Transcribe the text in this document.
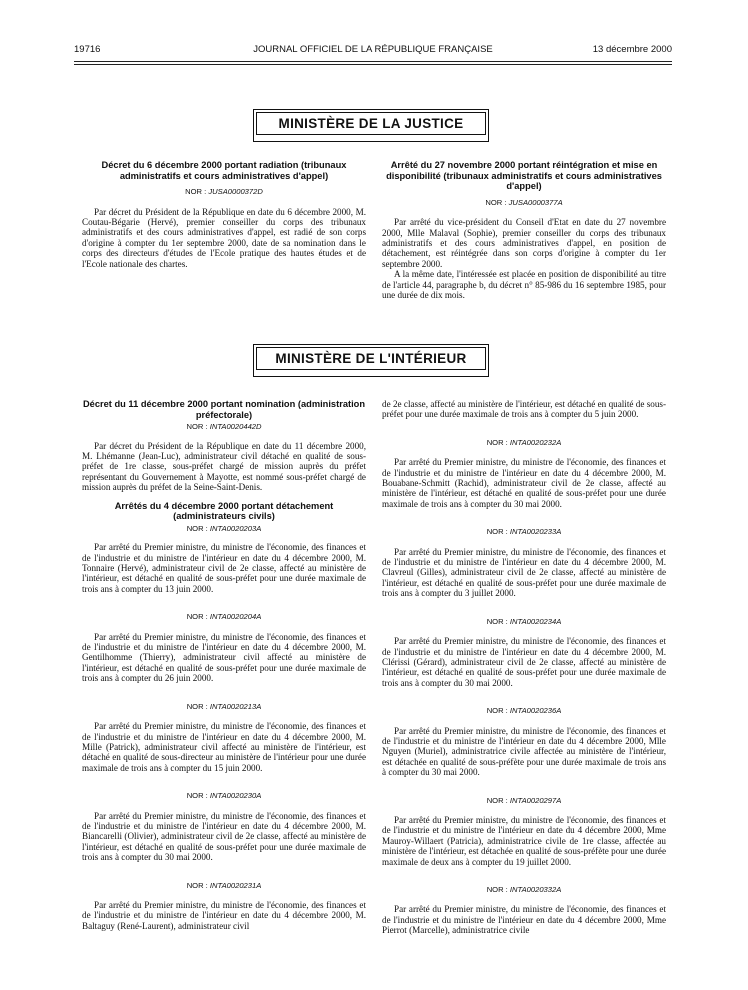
19716	JOURNAL OFFICIEL DE LA RÉPUBLIQUE FRANÇAISE	13 décembre 2000
MINISTÈRE DE LA JUSTICE
Décret du 6 décembre 2000 portant radiation (tribunaux administratifs et cours administratives d'appel)
NOR : JUSA0000372D

Par décret du Président de la République en date du 6 décembre 2000, M. Coutau-Bégarie (Hervé), premier conseiller du corps des tribunaux administratifs et des cours administratives d'appel, est radié de son corps d'origine à compter du 1er septembre 2000, date de sa nomination dans le corps des directeurs d'études de l'Ecole pratique des hautes études et de l'Ecole nationale des chartes.

Arrêté du 27 novembre 2000 portant réintégration et mise en disponibilité (tribunaux administratifs et cours administratives d'appel)
NOR : JUSA0000377A

Par arrêté du vice-président du Conseil d'Etat en date du 27 novembre 2000, Mlle Malaval (Sophie), premier conseiller du corps des tribunaux administratifs et des cours administratives d'appel, en position de détachement, est réintégrée dans son corps d'origine à compter du 1er septembre 2000.

A la même date, l'intéressée est placée en position de disponibilité au titre de l'article 44, paragraphe b, du décret n° 85-986 du 16 septembre 1985, pour une durée de dix mois.

MINISTÈRE DE L'INTÉRIEUR
Décret du 11 décembre 2000 portant nomination (administration préfectorale)
NOR : INTA0020442D

Par décret du Président de la République en date du 11 décembre 2000, M. Lhémanne (Jean-Luc), administrateur civil détaché en qualité de sous-préfet de 1re classe, sous-préfet chargé de mission auprès du préfet représentant du Gouvernement à Mayotte, est nommé sous-préfet chargé de mission auprès du préfet de la Seine-Saint-Denis.

Arrêtés du 4 décembre 2000 portant détachement (administrateurs civils)
NOR : INTA0020203A

Par arrêté du Premier ministre, du ministre de l'économie, des finances et de l'industrie et du ministre de l'intérieur en date du 4 décembre 2000, M. Tonnaire (Hervé), administrateur civil de 2e classe, affecté au ministère de l'intérieur, est détaché en qualité de sous-préfet pour une durée maximale de trois ans à compter du 13 juin 2000.

NOR : INTA0020204A

Par arrêté du Premier ministre, du ministre de l'économie, des finances et de l'industrie et du ministre de l'intérieur en date du 4 décembre 2000, M. Gentilhomme (Thierry), administrateur civil affecté au ministère de l'intérieur, est détaché en qualité de sous-préfet pour une durée maximale de trois ans à compter du 26 juin 2000.

NOR : INTA0020213A

Par arrêté du Premier ministre, du ministre de l'économie, des finances et de l'industrie et du ministre de l'intérieur en date du 4 décembre 2000, M. Mille (Patrick), administrateur civil affecté au ministère de l'intérieur, est détaché en qualité de sous-directeur au ministère de l'intérieur pour une durée maximale de trois ans à compter du 15 juin 2000.

NOR : INTA0020230A

Par arrêté du Premier ministre, du ministre de l'économie, des finances et de l'industrie et du ministre de l'intérieur en date du 4 décembre 2000, M. Biancarelli (Olivier), administrateur civil de 2e classe, affecté au ministère de l'intérieur, est détaché en qualité de sous-préfet pour une durée maximale de trois ans à compter du 30 mai 2000.

NOR : INTA0020231A

Par arrêté du Premier ministre, du ministre de l'économie, des finances et de l'industrie et du ministre de l'intérieur en date du 4 décembre 2000, M. Baltaguy (René-Laurent), administrateur civil

de 2e classe, affecté au ministère de l'intérieur, est détaché en qualité de sous-préfet pour une durée maximale de trois ans à compter du 5 juin 2000.

NOR : INTA0020232A

Par arrêté du Premier ministre, du ministre de l'économie, des finances et de l'industrie et du ministre de l'intérieur en date du 4 décembre 2000, M. Bouabane-Schmitt (Rachid), administrateur civil de 2e classe, affecté au ministère de l'intérieur, est détaché en qualité de sous-préfet pour une durée maximale de trois ans à compter du 30 mai 2000.

NOR : INTA0020233A

Par arrêté du Premier ministre, du ministre de l'économie, des finances et de l'industrie et du ministre de l'intérieur en date du 4 décembre 2000, M. Clavreul (Gilles), administrateur civil de 2e classe, affecté au ministère de l'intérieur, est détaché en qualité de sous-préfet pour une durée maximale de trois ans à compter du 3 juillet 2000.

NOR : INTA0020234A

Par arrêté du Premier ministre, du ministre de l'économie, des finances et de l'industrie et du ministre de l'intérieur en date du 4 décembre 2000, M. Clérissi (Gérard), administrateur civil de 2e classe, affecté au ministère de l'intérieur, est détaché en qualité de sous-préfet pour une durée maximale de trois ans à compter du 30 mai 2000.

NOR : INTA0020236A

Par arrêté du Premier ministre, du ministre de l'économie, des finances et de l'industrie et du ministre de l'intérieur en date du 4 décembre 2000, Mlle Nguyen (Muriel), administratrice civile affectée au ministère de l'intérieur, est détachée en qualité de sous-préfète pour une durée maximale de trois ans à compter du 30 mai 2000.

NOR : INTA0020297A

Par arrêté du Premier ministre, du ministre de l'économie, des finances et de l'industrie et du ministre de l'intérieur en date du 4 décembre 2000, Mme Mauroy-Willaert (Patricia), administratrice civile de 1re classe, affectée au ministère de l'intérieur, est détachée en qualité de sous-préfète pour une durée maximale de deux ans à compter du 19 juillet 2000.

NOR : INTA0020332A

Par arrêté du Premier ministre, du ministre de l'économie, des finances et de l'industrie et du ministre de l'intérieur en date du 4 décembre 2000, Mme Pierrot (Marcelle), administratrice civile
